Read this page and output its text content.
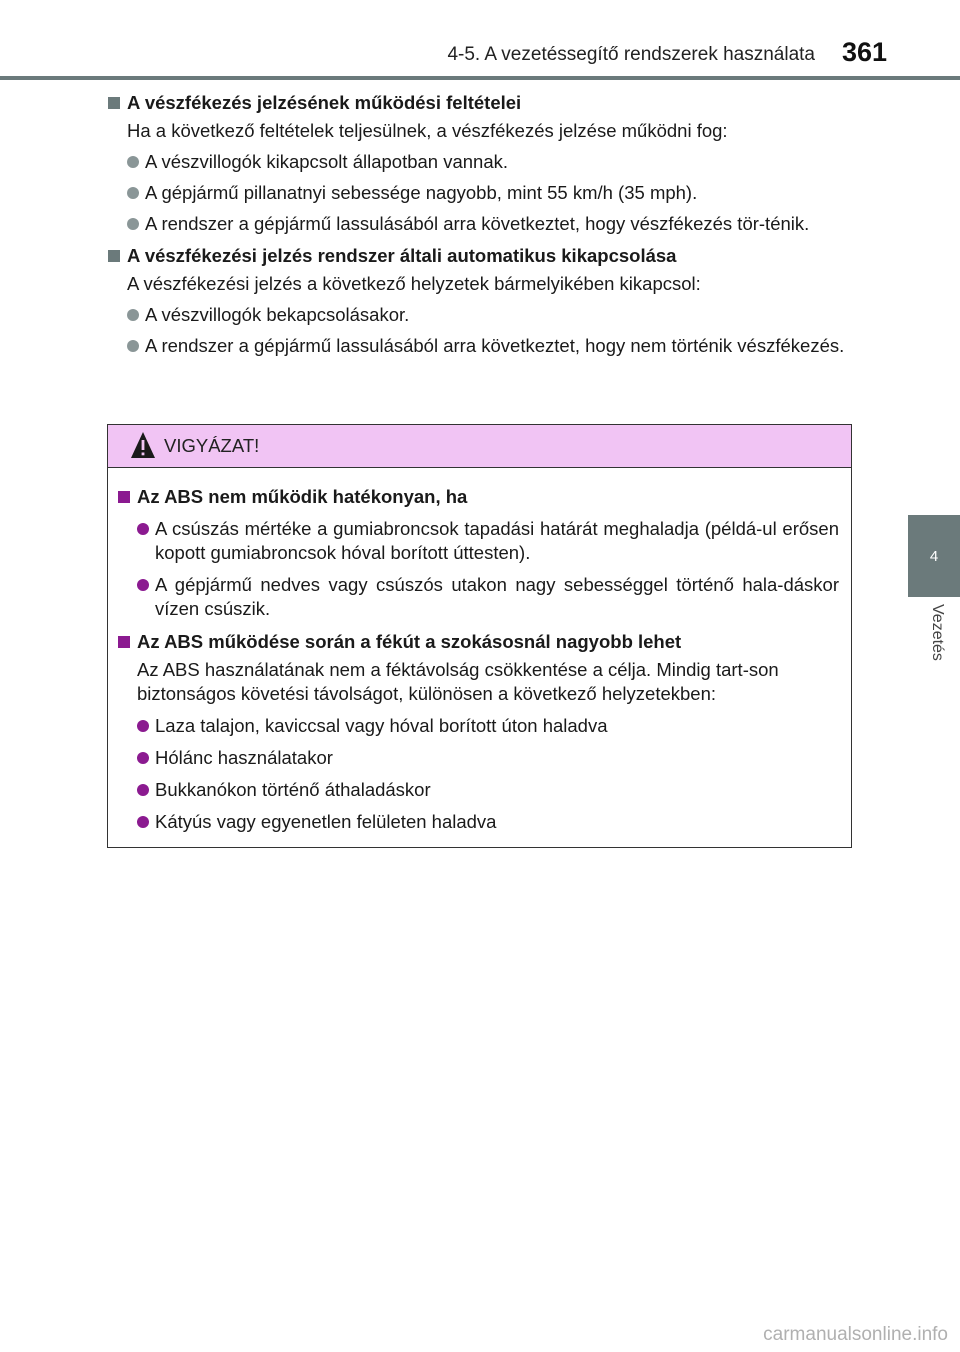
4-5. A vezetéssegítő rendszerek használata 361
4
Vezetés
A vészfékezés jelzésének működési feltételei
Ha a következő feltételek teljesülnek, a vészfékezés jelzése működni fog:
A vészvillogók kikapcsolt állapotban vannak.
A gépjármű pillanatnyi sebessége nagyobb, mint 55 km/h (35 mph).
A rendszer a gépjármű lassulásából arra következtet, hogy vészfékezés tör-ténik.
A vészfékezési jelzés rendszer általi automatikus kikapcsolása
A vészfékezési jelzés a következő helyzetek bármelyikében kikapcsol:
A vészvillogók bekapcsolásakor.
A rendszer a gépjármű lassulásából arra következtet, hogy nem történik vészfékezés.
VIGYÁZAT!
Az ABS nem működik hatékonyan, ha
A csúszás mértéke a gumiabroncsok tapadási határát meghaladja (példá-ul erősen kopott gumiabroncsok hóval borított úttesten).
A gépjármű nedves vagy csúszós utakon nagy sebességgel történő hala-dáskor vízen csúszik.
Az ABS működése során a fékút a szokásosnál nagyobb lehet
Az ABS használatának nem a féktávolság csökkentése a célja. Mindig tart-son biztonságos követési távolságot, különösen a következő helyzetekben:
Laza talajon, kaviccsal vagy hóval borított úton haladva
Hólánc használatakor
Bukkanókon történő áthaladáskor
Kátyús vagy egyenetlen felületen haladva
carmanualsonline.info
